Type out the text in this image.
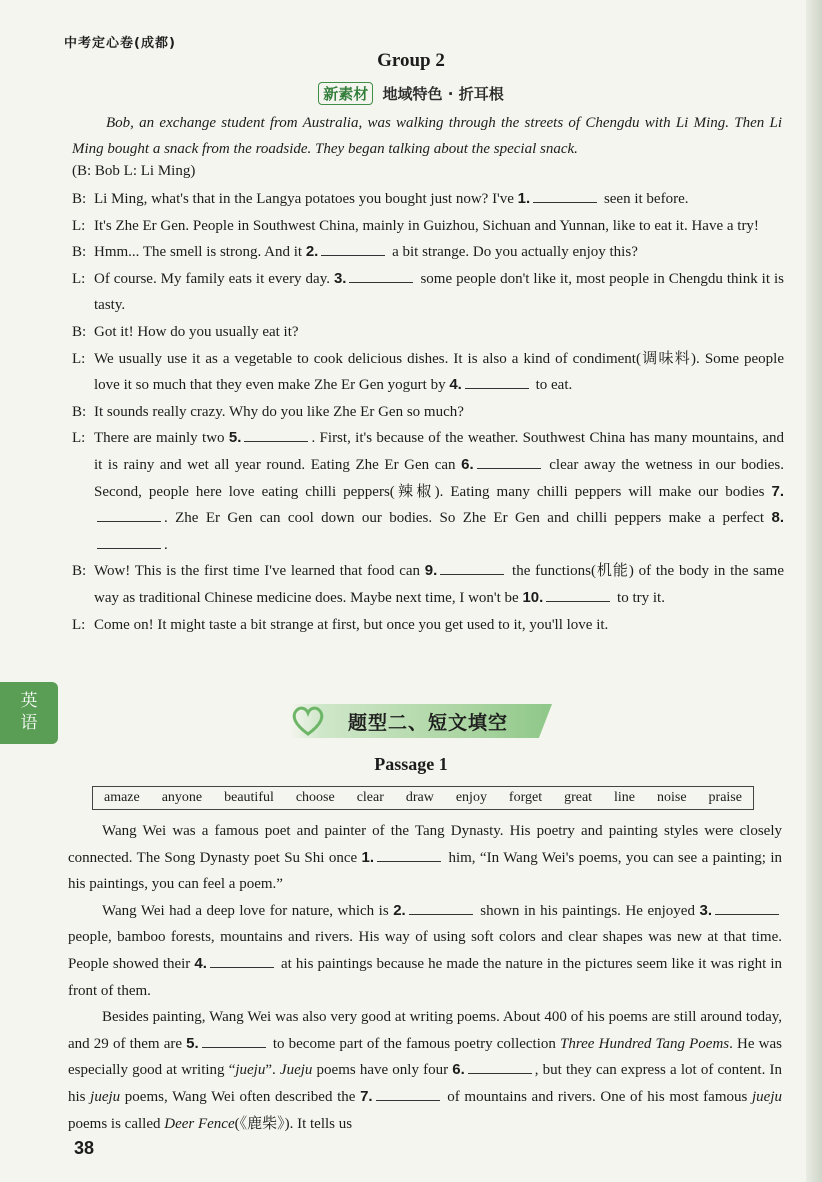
中考定心卷(成都)
Group 2
新素材 地域特色 · 折耳根
Bob, an exchange student from Australia, was walking through the streets of Chengdu with Li Ming. Then Li Ming bought a snack from the roadside. They began talking about the special snack.
(B: Bob L: Li Ming)
B: Li Ming, what's that in the Langya potatoes you bought just now? I've 1.	seen it before.
L: It's Zhe Er Gen. People in Southwest China, mainly in Guizhou, Sichuan and Yunnan, like to eat it. Have a try!
B: Hmm... The smell is strong. And it 2.	a bit strange. Do you actually enjoy this?
L: Of course. My family eats it every day. 3.	some people don't like it, most people in Chengdu think it is tasty.
B: Got it! How do you usually eat it?
L: We usually use it as a vegetable to cook delicious dishes. It is also a kind of condiment(调味料). Some people love it so much that they even make Zhe Er Gen yogurt by 4.	to eat.
B: It sounds really crazy. Why do you like Zhe Er Gen so much?
L: There are mainly two 5.	. First, it's because of the weather. Southwest China has many mountains, and it is rainy and wet all year round. Eating Zhe Er Gen can 6.	clear away the wetness in our bodies. Second, people here love eating chilli peppers(辣椒). Eating many chilli peppers will make our bodies 7.. Zhe Er Gen can cool down our bodies. So Zhe Er Gen and chilli peppers make a perfect 8..
B: Wow! This is the first time I've learned that food can 9.	the functions(机能) of the body in the same way as traditional Chinese medicine does. Maybe next time, I won't be 10.	to try it.
L: Come on! It might taste a bit strange at first, but once you get used to it, you'll love it.
英
语	题型二、短文填空
Passage 1
amaze anyone beautiful choose clear draw enjoy forget great line noise praise

Wang Wei was a famous poet and painter of the Tang Dynasty. His poetry and painting styles were closely connected. The Song Dynasty poet Su Shi once 1.	him, “In Wang Wei's poems, you can see a painting; in his paintings, you can feel a poem.”

Wang Wei had a deep love for nature, which is 2.	shown in his paintings. He enjoyed 3. people, bamboo forests, mountains and rivers. His way of using soft colors and clear shapes was new at that time. People showed their 4.	at his paintings because he made the nature in the pictures seem like it was right in front of them.

Besides painting, Wang Wei was also very good at writing poems. About 400 of his poems are still around today, and 29 of them are 5.	to become part of the famous poetry collection Three Hundred Tang Poems. He was especially good at writing “jueju”. Jueju poems have only four 6.	, but they can express a lot of content. In his jueju poems, Wang Wei often described the 7.	of mountains and rivers. One of his most famous jueju poems is called Deer Fence(《鹿柴》). It tells us

38
